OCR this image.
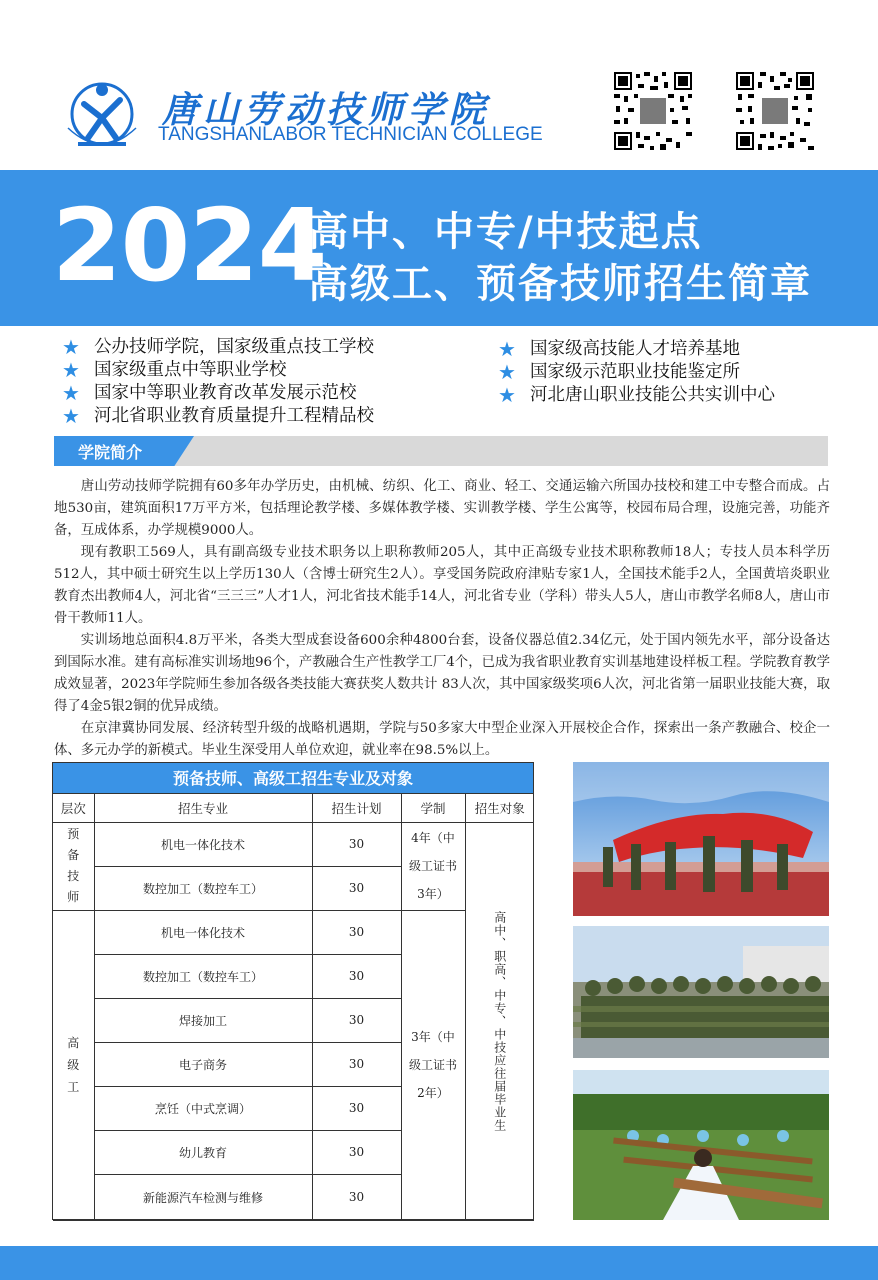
唐山劳动技师学院
TANGSHANLABOR TECHNICIAN COLLEGE
2024
高中、中专/中技起点
高级工、预备技师招生简章
★ 公办技师学院，国家级重点技工学校
★ 国家级重点中等职业学校
★ 国家中等职业教育改革发展示范校
★ 河北省职业教育质量提升工程精品校
★ 国家级高技能人才培养基地
★ 国家级示范职业技能鉴定所
★ 河北唐山职业技能公共实训中心
学院简介

唐山劳动技师学院拥有60多年办学历史，由机械、纺织、化工、商业、轻工、交通运输六所国办技校和建工中专整合而成。占地530亩，建筑面积17万平方米，包括理论教学楼、多媒体教学楼、实训教学楼、学生公寓等，校园布局合理，设施完善，功能齐备，互成体系，办学规模9000人。

现有教职工569人，具有副高级专业技术职务以上职称教师205人，其中正高级专业技术职称教师18人；专技人员本科学历512人，其中硕士研究生以上学历130人（含博士研究生2人）。享受国务院政府津贴专家1人，全国技术能手2人，全国黄培炎职业教育杰出教师4人，河北省“三三三”人才1人，河北省技术能手14人，河北省专业（学科）带头人5人，唐山市教学名师8人，唐山市骨干教师11人。

实训场地总面积4.8万平米，各类大型成套设备600余种4800台套，设备仪器总值2.34亿元，处于国内领先水平，部分设备达到国际水准。建有高标准实训场地96个，产教融合生产性教学工厂4个，已成为我省职业教育实训基地建设样板工程。学院教育教学成效显著，2023年学院师生参加各级各类技能大赛获奖人数共计 83人次，其中国家级奖项6人次，河北省第一届职业技能大赛，取得了4金5银2铜的优异成绩。

在京津冀协同发展、经济转型升级的战略机遇期，学院与50多家大中型企业深入开展校企合作，探索出一条产教融合、校企一体、多元办学的新模式。毕业生深受用人单位欢迎，就业率在98.5%以上。

预备技师、高级工招生专业及对象
层次	招生专业	招生计划	学制	招生对象

预备技师	机电一体化技术	30	4年（中级工证书3年）	高中、职高、中专、中技应往届毕业生

	数控加工（数控车工）	30		

高级工	机电一体化技术	30	3年（中级工证书2年）	

	数控加工（数控车工）	30		
	焊接加工	30		
	电子商务	30		
	烹饪（中式烹调）	30		
	幼儿教育	30		
	新能源汽车检测与维修	30		
